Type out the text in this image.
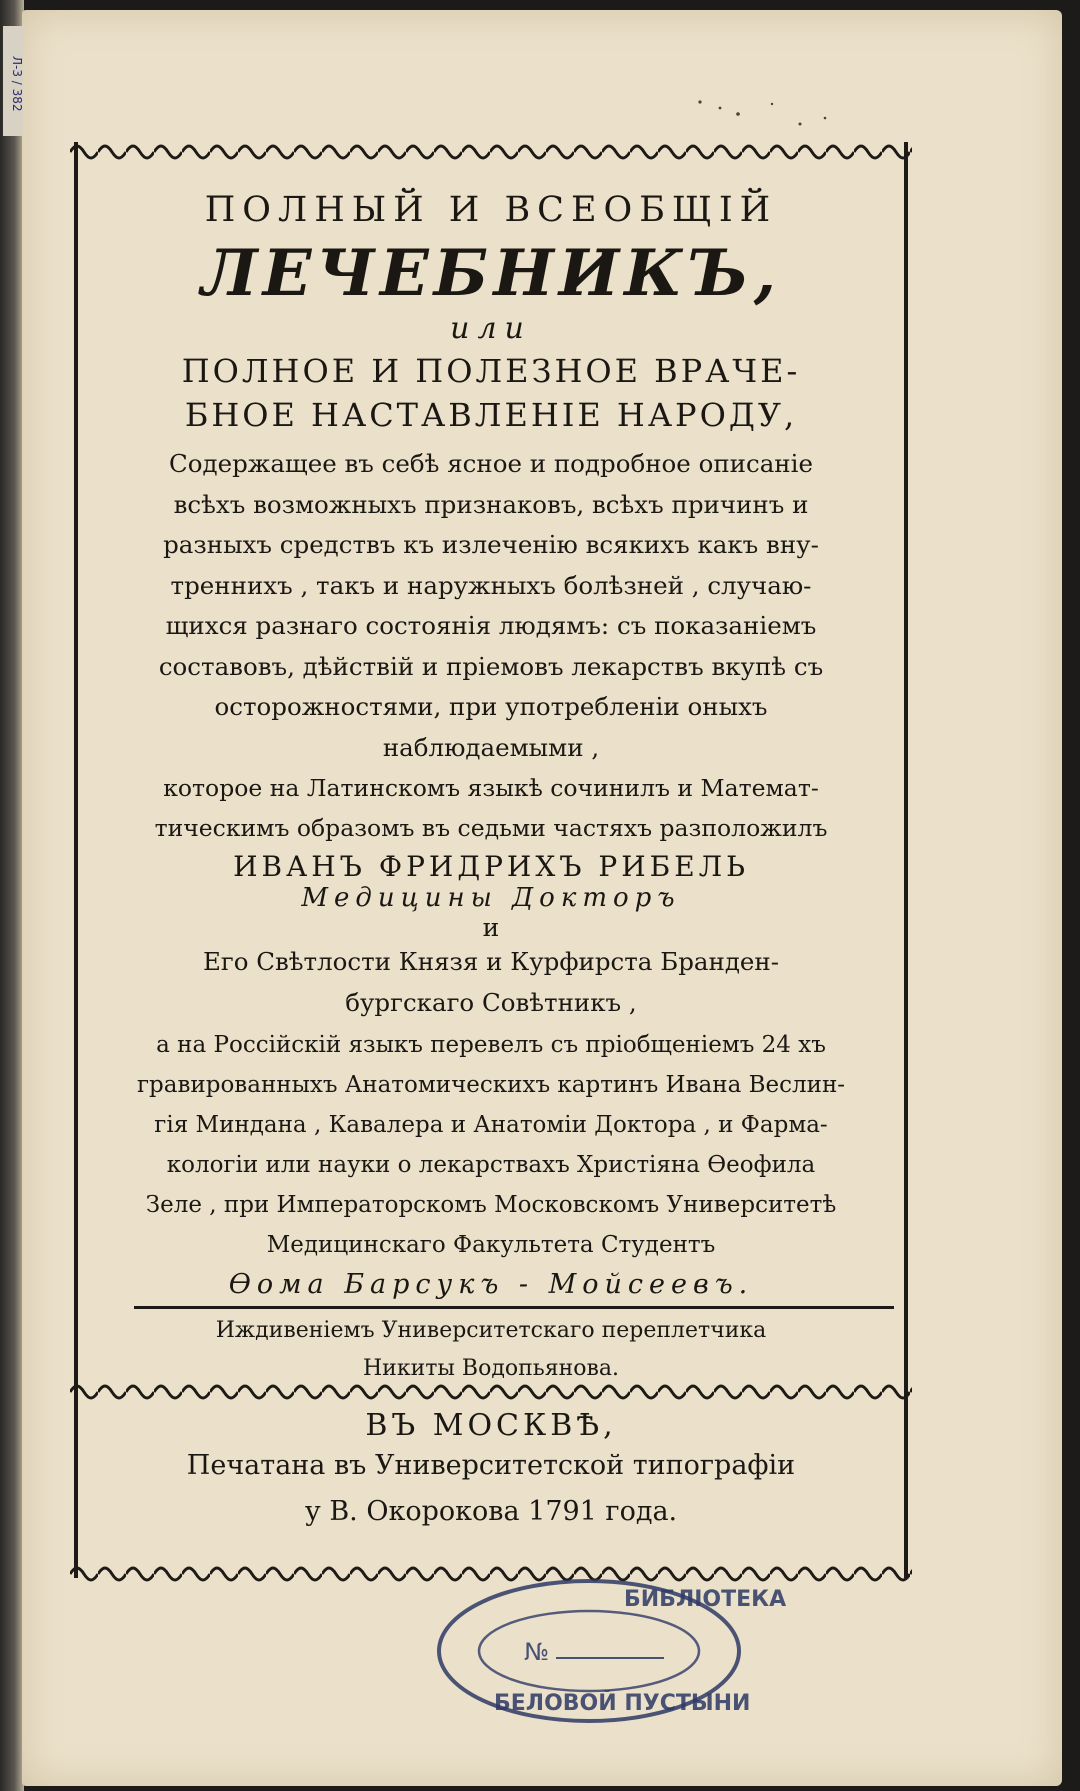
Л-3 / 382
ПОЛНЫЙ И ВСЕОБЩІЙ
ЛЕЧЕБНИКЪ,
или
ПОЛНОЕ И ПОЛЕЗНОЕ ВРАЧЕ-
БНОЕ НАСТАВЛЕНІЕ НАРОДУ,
Содержащее въ себѣ ясное и подробное описаніе
всѣхъ возможныхъ признаковъ, всѣхъ причинъ и
разныхъ средствъ къ излеченію всякихъ какъ вну-
треннихъ , такъ и наружныхъ болѣзней , случаю-
щихся разнаго состоянія людямъ: съ показаніемъ
составовъ, дѣйствій и пріемовъ лекарствъ вкупѣ съ
осторожностями, при употребленіи оныхъ
наблюдаемыми ,
которое на Латинскомъ языкѣ сочинилъ и Математ-
тическимъ образомъ въ седьми частяхъ разположилъ
ИВАНЪ ФРИДРИХЪ РИБЕЛЬ
Медицины Докторъ
и
Его Свѣтлости Князя и Курфирста Бранден-
бургскаго Совѣтникъ ,
а на Россійскій языкъ перевелъ съ пріобщеніемъ 24 хъ
гравированныхъ Анатомическихъ картинъ Ивана Веслин-
гія Миндана , Кавалера и Анатоміи Доктора , и Фарма-
кологіи или науки о лекарствахъ Христіяна Ѳеофила
Зеле , при Императорскомъ Московскомъ Университетѣ
Медицинскаго Факультета Студентъ
Ѳома Барсукъ - Мойсеевъ.
Иждивеніемъ Университетскаго переплетчика
Никиты Водопьянова.
ВЪ МОСКВѢ,
Печатана въ Университетской типографіи
у В. Окорокова 1791 года.
БИБЛІОТЕКА
№
БЕЛОВОЙ ПУСТЫНИ
